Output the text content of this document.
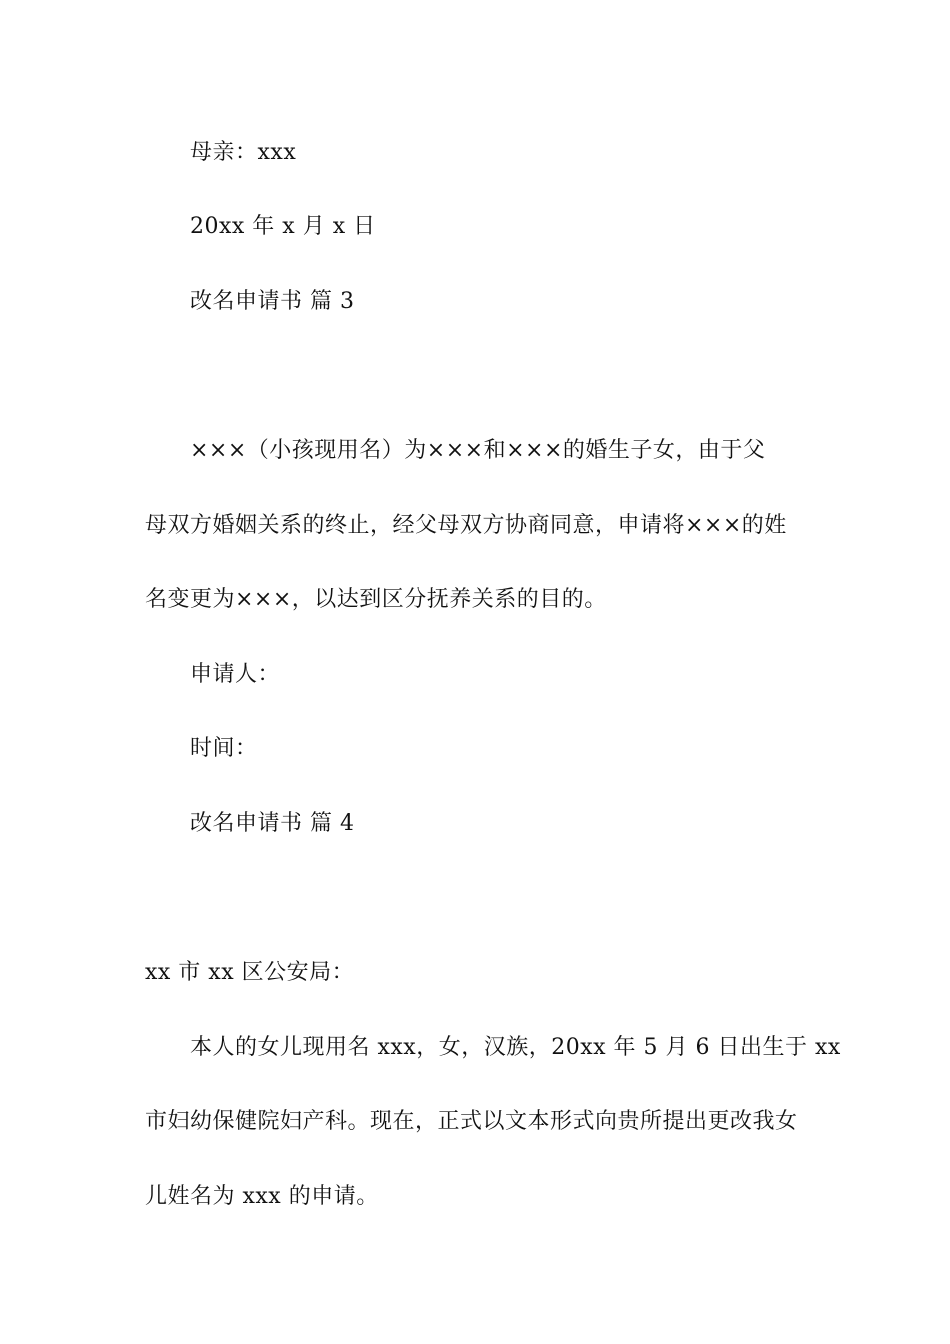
母亲：xxx
20xx 年 x 月 x 日
改名申请书 篇 3
×××（小孩现用名）为×××和×××的婚生子女，由于父
母双方婚姻关系的终止，经父母双方协商同意，申请将×××的姓
名变更为×××，以达到区分抚养关系的目的。
申请人：
时间：
改名申请书 篇 4
xx 市 xx 区公安局：
本人的女儿现用名 xxx，女，汉族，20xx 年 5 月 6 日出生于 xx
市妇幼保健院妇产科。现在，正式以文本形式向贵所提出更改我女
儿姓名为 xxx 的申请。
